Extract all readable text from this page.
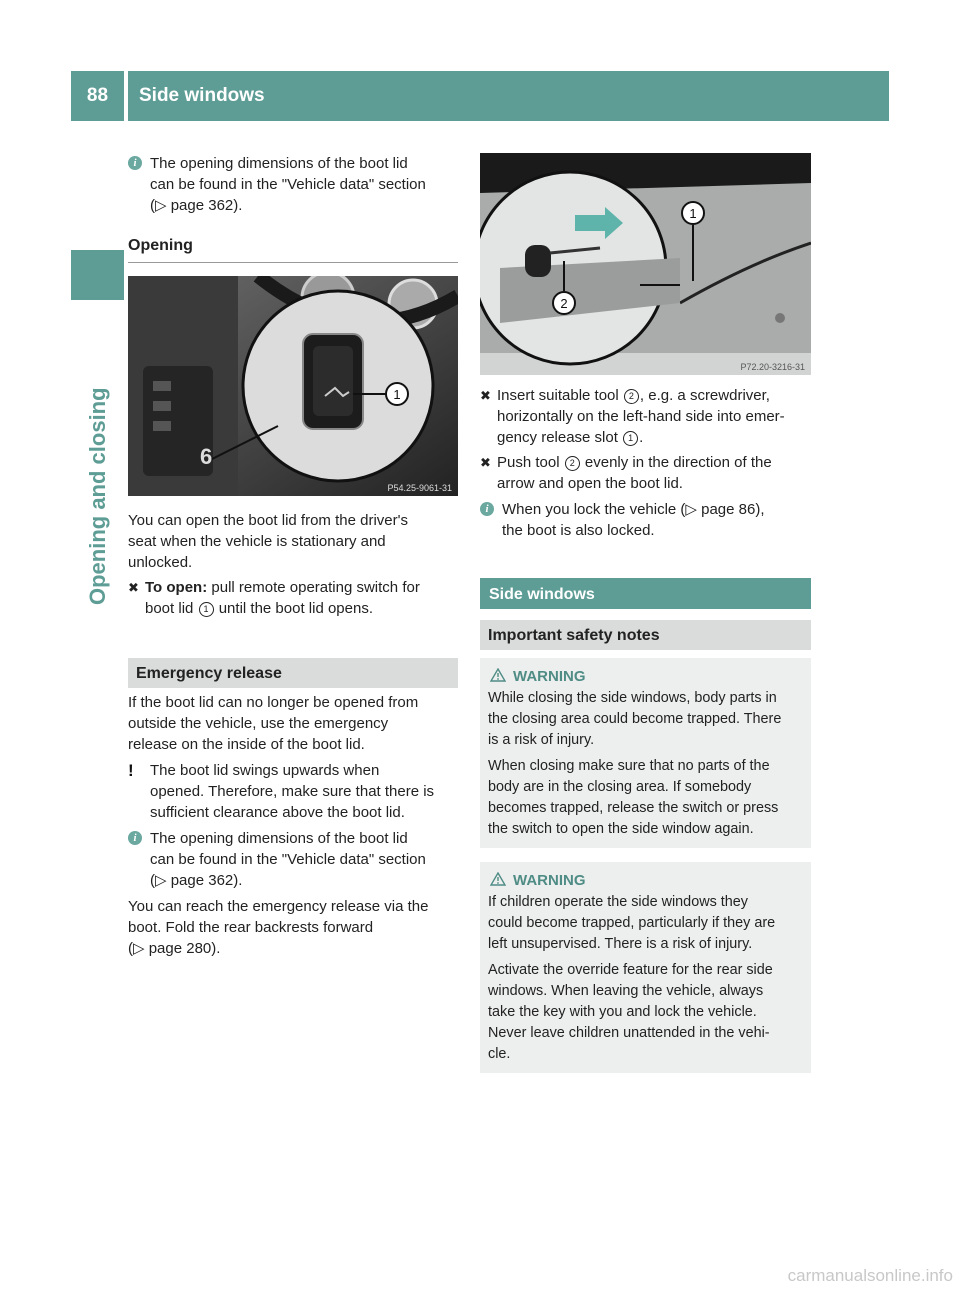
88	Side windows
Opening and closing
i The opening dimensions of the boot lid

can be found in the "Vehicle data" section

(▷ page 362).

Opening
1
6
P54.25-9061-31

You can open the boot lid from the driver's

seat when the vehicle is stationary and

unlocked.

✖ To open: pull remote operating switch for

boot lid 1 until the boot lid opens.

Emergency release

If the boot lid can no longer be opened from

outside the vehicle, use the emergency

release on the inside of the boot lid.

! The boot lid swings upwards when

opened. Therefore, make sure that there is

sufficient clearance above the boot lid.

i The opening dimensions of the boot lid

can be found in the "Vehicle data" section

(▷ page 362).

You can reach the emergency release via the

boot. Fold the rear backrests forward

(▷ page 280).

1
2
P72.20-3216-31
✖ Insert suitable tool 2 , e.g. a screwdriver,

horizontally on the left-hand side into emer-

gency release slot 1 .

✖ Push tool 2 evenly in the direction of the

arrow and open the boot lid.

i When you lock the vehicle (▷ page 86),

the boot is also locked.

Side windows
Important safety notes
WARNING

While closing the side windows, body parts in

the closing area could become trapped. There

is a risk of injury.

When closing make sure that no parts of the

body are in the closing area. If somebody

becomes trapped, release the switch or press

the switch to open the side window again.

WARNING

If children operate the side windows they

could become trapped, particularly if they are

left unsupervised. There is a risk of injury.

Activate the override feature for the rear side

windows. When leaving the vehicle, always

take the key with you and lock the vehicle.

Never leave children unattended in the vehi-

cle.

carmanualsonline.info
